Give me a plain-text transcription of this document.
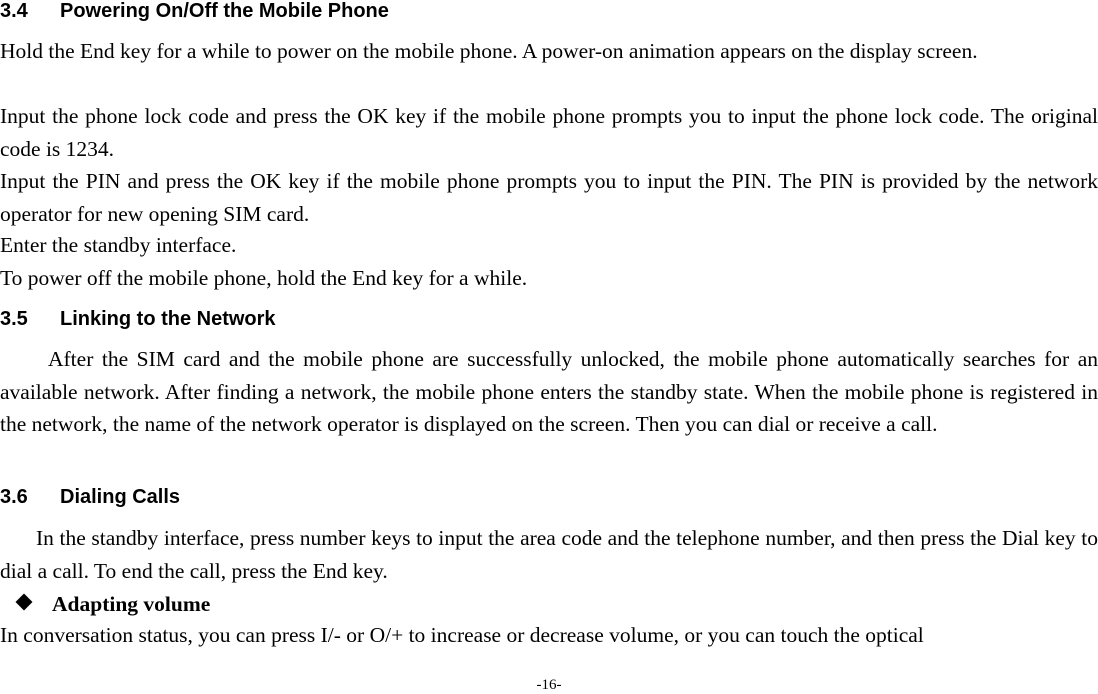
3.4 Powering On/Off the Mobile Phone
Hold the End key for a while to power on the mobile phone. A power-on animation appears on the display screen.
Input the phone lock code and press the OK key if the mobile phone prompts you to input the phone lock code. The original code is 1234.
Input the PIN and press the OK key if the mobile phone prompts you to input the PIN. The PIN is provided by the network operator for new opening SIM card.
Enter the standby interface.
To power off the mobile phone, hold the End key for a while.
3.5 Linking to the Network
After the SIM card and the mobile phone are successfully unlocked, the mobile phone automatically searches for an available network. After finding a network, the mobile phone enters the standby state. When the mobile phone is registered in the network, the name of the network operator is displayed on the screen. Then you can dial or receive a call.
3.6 Dialing Calls
In the standby interface, press number keys to input the area code and the telephone number, and then press the Dial key to dial a call. To end the call, press the End key.
Adapting volume
In conversation status, you can press I/- or O/+ to increase or decrease volume, or you can touch the optical
-16-
